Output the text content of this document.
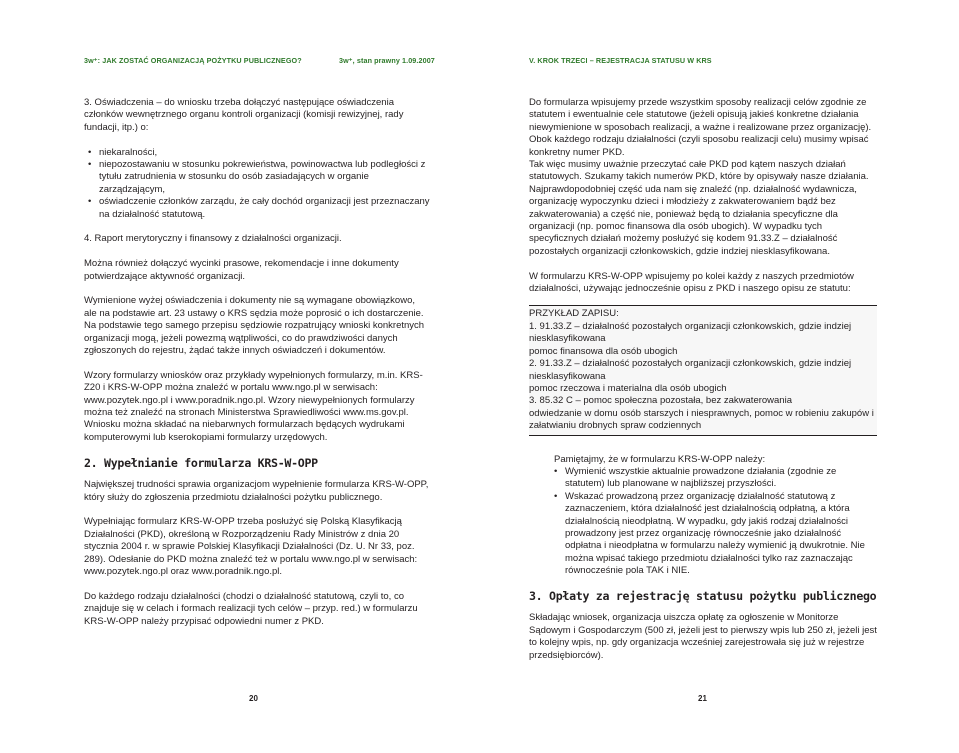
3w⁺: JAK ZOSTAĆ ORGANIZACJĄ POŻYTKU PUBLICZNEGO?	3w⁺, stan prawny 1.09.2007	V. KROK TRZECI – REJESTRACJA STATUSU W KRS

3. Oświadczenia – do wniosku trzeba dołączyć następujące oświadczenia członków wewnętrznego organu kontroli organizacji (komisji rewizyjnej, rady fundacji, itp.) o:

• niekaralności,
• niepozostawaniu w stosunku pokrewieństwa, powinowactwa lub podległości z tytułu zatrudnienia w stosunku do osób zasiadających w organie zarządzającym,
• oświadczenie członków zarządu, że cały dochód organizacji jest przeznaczany na działalność statutową.

4. Raport merytoryczny i finansowy z działalności organizacji.

Można również dołączyć wycinki prasowe, rekomendacje i inne dokumenty potwierdzające aktywność organizacji.

Wymienione wyżej oświadczenia i dokumenty nie są wymagane obowiązkowo, ale na podstawie art. 23 ustawy o KRS sędzia może poprosić o ich dostarczenie.

Na podstawie tego samego przepisu sędziowie rozpatrujący wnioski konkretnych organizacji mogą, jeżeli powezmą wątpliwości, co do prawdziwości danych zgłoszonych do rejestru, żądać także innych oświadczeń i dokumentów.

Wzory formularzy wniosków oraz przykłady wypełnionych formularzy, m.in. KRS-Z20 i KRS-W-OPP można znaleźć w portalu www.ngo.pl w serwisach: www.pozytek.ngo.pl i www.poradnik.ngo.pl. Wzory niewypełnionych formularzy można też znaleźć na stronach Ministerstwa Sprawiedliwości www.ms.gov.pl.

Wniosku można składać na niebarwnych formularzach będących wydrukami komputerowymi lub kserokopiami formularzy urzędowych.

2. Wypełnianie formularza KRS-W-OPP

Największej trudności sprawia organizacjom wypełnienie formularza KRS-W-OPP, który służy do zgłoszenia przedmiotu działalności pożytku publicznego.

Wypełniając formularz KRS-W-OPP trzeba posłużyć się Polską Klasyfikacją Działalności (PKD), określoną w Rozporządzeniu Rady Ministrów z dnia 20 stycznia 2004 r. w sprawie Polskiej Klasyfikacji Działalności (Dz. U. Nr 33, poz. 289). Odesłanie do PKD można znaleźć też w portalu www.ngo.pl w serwisach: www.pozytek.ngo.pl oraz www.poradnik.ngo.pl.

Do każdego rodzaju działalności (chodzi o działalność statutową, czyli to, co znajduje się w celach i formach realizacji tych celów – przyp. red.) w formularzu KRS-W-OPP należy przypisać odpowiedni numer z PKD.

Do formularza wpisujemy przede wszystkim sposoby realizacji celów zgodnie ze statutem i ewentualnie cele statutowe (jeżeli opisują jakieś konkretne działania niewymienione w sposobach realizacji, a ważne i realizowane przez organizację). Obok każdego rodzaju działalności (czyli sposobu realizacji celu) musimy wpisać konkretny numer PKD.

Tak więc musimy uważnie przeczytać całe PKD pod kątem naszych działań statutowych. Szukamy takich numerów PKD, które by opisywały nasze działania. Najprawdopodobniej część uda nam się znaleźć (np. działalność wydawnicza, organizację wypoczynku dzieci i młodzieży z zakwaterowaniem bądź bez zakwaterowania) a część nie, ponieważ będą to działania specyficzne dla organizacji (np. pomoc finansowa dla osób ubogich). W wypadku tych specyficznych działań możemy posłużyć się kodem 91.33.Z – działalność pozostałych organizacji członkowskich, gdzie indziej niesklasyfikowana.

W formularzu KRS-W-OPP wpisujemy po kolei każdy z naszych przedmiotów działalności, używając jednocześnie opisu z PKD i naszego opisu ze statutu:

PRZYKŁAD ZAPISU:
1. 91.33.Z – działalność pozostałych organizacji członkowskich, gdzie indziej niesklasyfikowana
pomoc finansowa dla osób ubogich
2. 91.33.Z – działalność pozostałych organizacji członkowskich, gdzie indziej niesklasyfikowana
pomoc rzeczowa i materialna dla osób ubogich
3. 85.32 C – pomoc społeczna pozostała, bez zakwaterowania
odwiedzanie w domu osób starszych i niesprawnych, pomoc w robieniu zakupów i załatwianiu drobnych spraw codziennych
Pamiętajmy, że w formularzu KRS-W-OPP należy:
• Wymienić wszystkie aktualnie prowadzone działania (zgodnie ze statutem) lub planowane w najbliższej przyszłości.
• Wskazać prowadzoną przez organizację działalność statutową z zaznaczeniem, która działalność jest działalnością odpłatną, a która działalnością nieodpłatną. W wypadku, gdy jakiś rodzaj działalności prowadzony jest przez organizację równocześnie jako działalność odpłatna i nieodpłatna w formularzu należy wymienić ją dwukrotnie. Nie można wpisać takiego przedmiotu działalności tylko raz zaznaczając równocześnie pola TAK i NIE.
3. Opłaty za rejestrację statusu pożytku publicznego

Składając wniosek, organizacja uiszcza opłatę za ogłoszenie w Monitorze Sądowym i Gospodarczym (500 zł, jeżeli jest to pierwszy wpis lub 250 zł, jeżeli jest to kolejny wpis, np. gdy organizacja wcześniej zarejestrowała się już w rejestrze przedsiębiorców).

20	21
